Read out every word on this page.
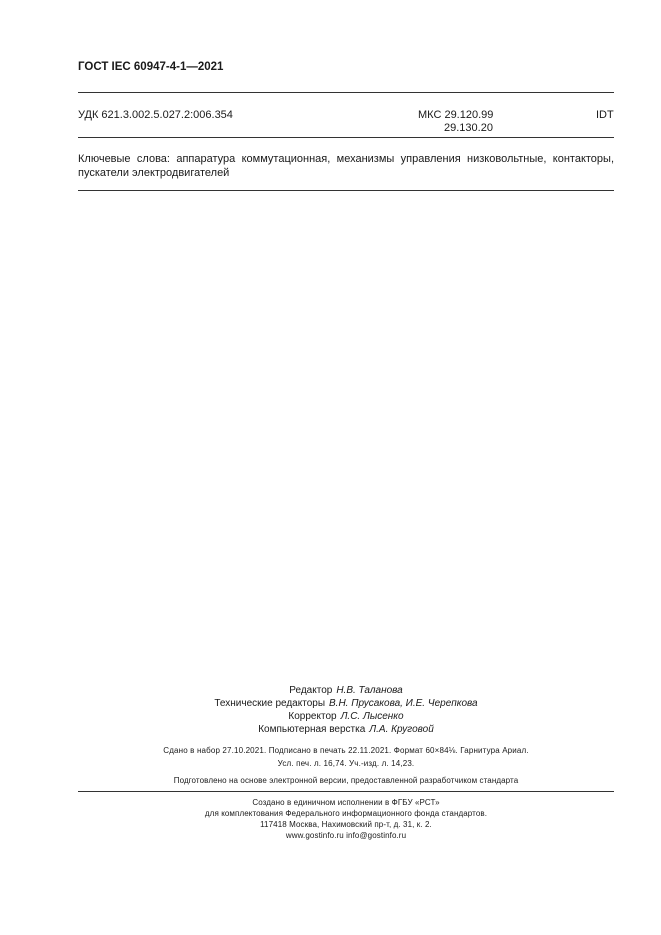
ГОСТ IEC 60947-4-1—2021
УДК 621.3.002.5.027.2:006.354	МКС 29.120.99
29.130.20
IDT
Ключевые слова: аппаратура коммутационная, механизмы управления низковольтные, контакторы, пускатели электродвигателей
Редактор Н.В. Таланова
Технические редакторы В.Н. Прусакова, И.Е. Черепкова
Корректор Л.С. Лысенко
Компьютерная верстка Л.А. Круговой
Сдано в набор 27.10.2021. Подписано в печать 22.11.2021. Формат 60×84⅛. Гарнитура Ариал.
Усл. печ. л. 16,74. Уч.-изд. л. 14,23.
Подготовлено на основе электронной версии, предоставленной разработчиком стандарта
Создано в единичном исполнении в ФГБУ «РСТ»
для комплектования Федерального информационного фонда стандартов.
117418 Москва, Нахимовский пр-т, д. 31, к. 2.
www.gostinfo.ru info@gostinfo.ru
